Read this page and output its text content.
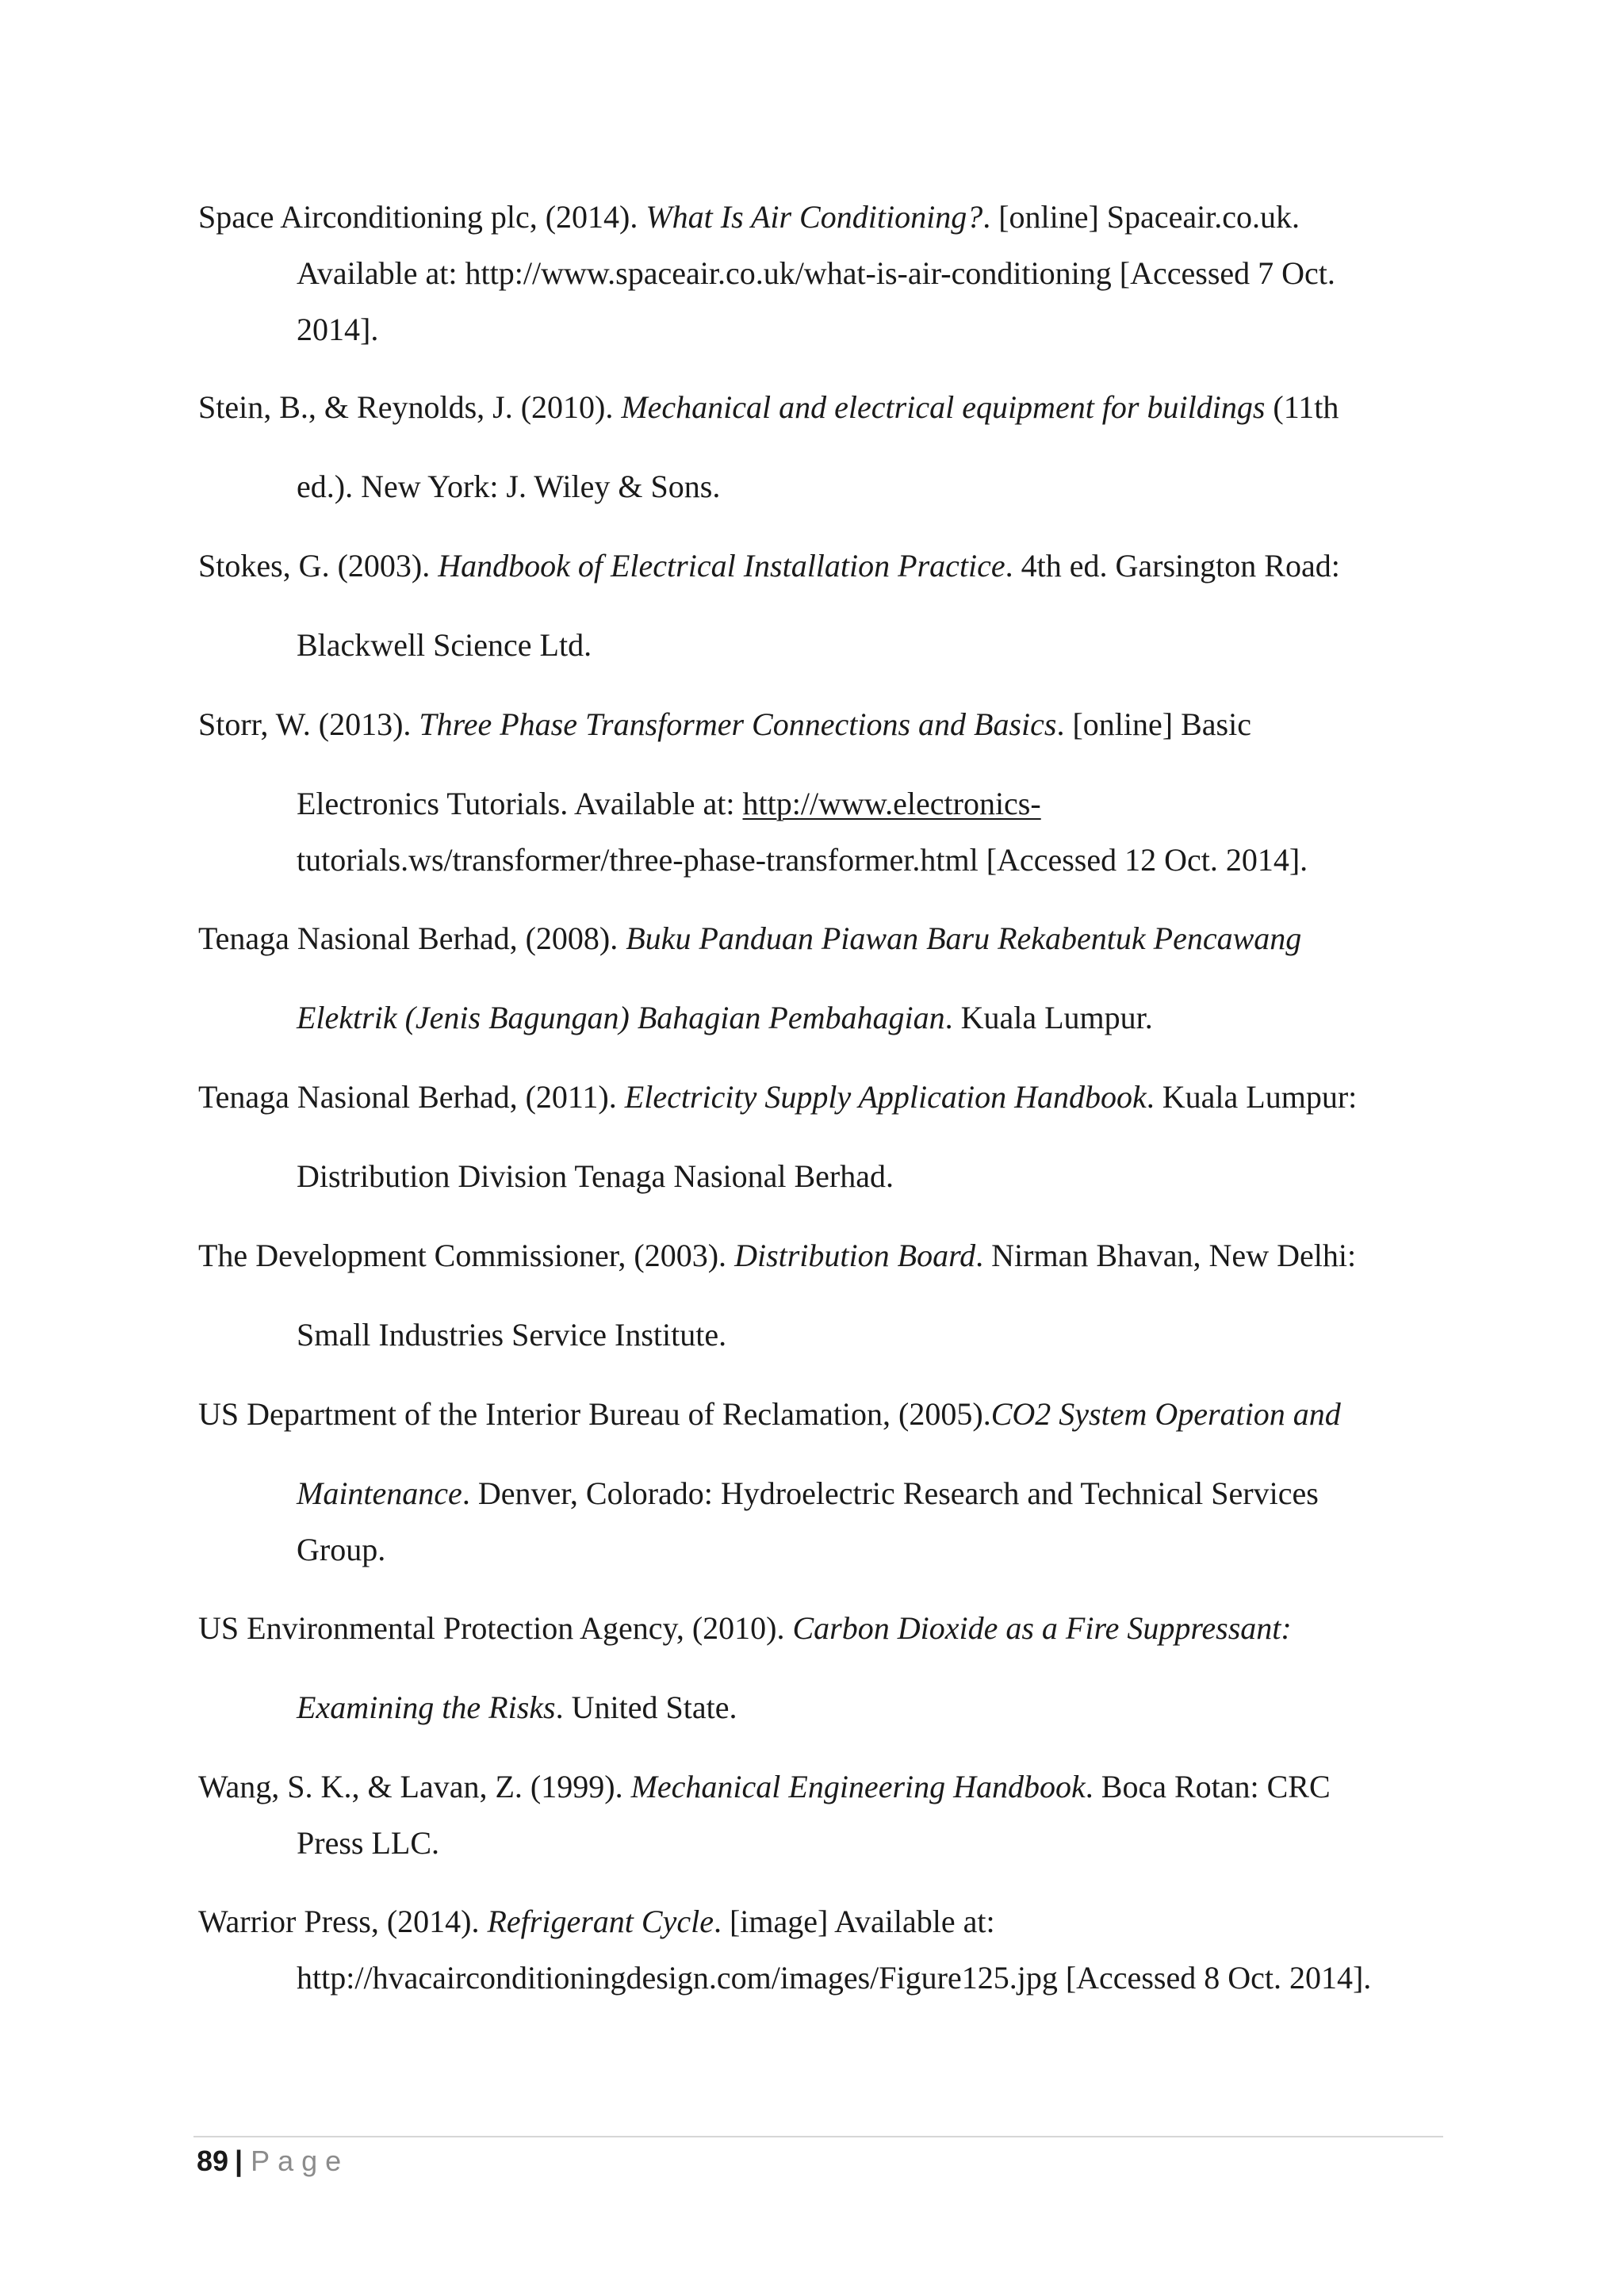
Space Airconditioning plc, (2014). What Is Air Conditioning?. [online] Spaceair.co.uk.
Available at: http://www.spaceair.co.uk/what-is-air-conditioning [Accessed 7 Oct.
2014].
Stein, B., & Reynolds, J. (2010). Mechanical and electrical equipment for buildings (11th
ed.). New York: J. Wiley & Sons.
Stokes, G. (2003). Handbook of Electrical Installation Practice. 4th ed. Garsington Road:
Blackwell Science Ltd.
Storr, W. (2013). Three Phase Transformer Connections and Basics. [online] Basic
Electronics Tutorials. Available at: http://www.electronics-
tutorials.ws/transformer/three-phase-transformer.html [Accessed 12 Oct. 2014].
Tenaga Nasional Berhad, (2008). Buku Panduan Piawan Baru Rekabentuk Pencawang
Elektrik (Jenis Bagungan) Bahagian Pembahagian. Kuala Lumpur.
Tenaga Nasional Berhad, (2011). Electricity Supply Application Handbook. Kuala Lumpur:
Distribution Division Tenaga Nasional Berhad.
The Development Commissioner, (2003). Distribution Board. Nirman Bhavan, New Delhi:
Small Industries Service Institute.
US Department of the Interior Bureau of Reclamation, (2005).CO2 System Operation and
Maintenance. Denver, Colorado: Hydroelectric Research and Technical Services
Group.
US Environmental Protection Agency, (2010). Carbon Dioxide as a Fire Suppressant:
Examining the Risks. United State.
Wang, S. K., & Lavan, Z. (1999). Mechanical Engineering Handbook. Boca Rotan: CRC
Press LLC.
Warrior Press, (2014). Refrigerant Cycle. [image] Available at:
http://hvacairconditioningdesign.com/images/Figure125.jpg [Accessed 8 Oct. 2014].
89 | Page
